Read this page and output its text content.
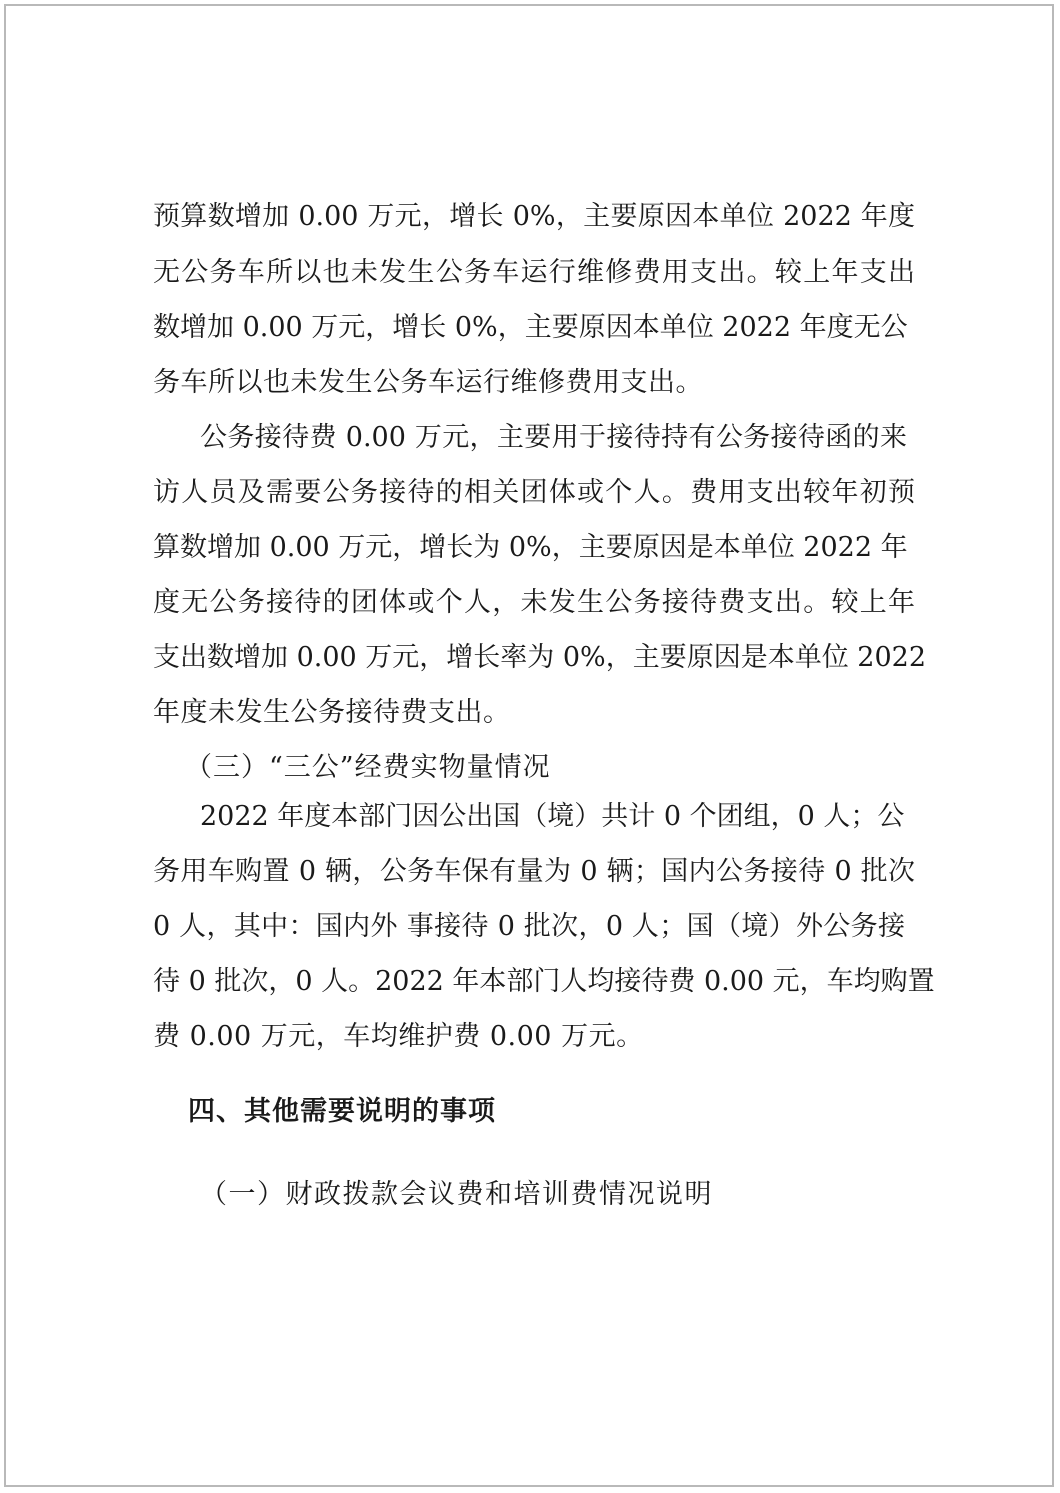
预算数增加 0.00 万元，增长 0%，主要原因本单位 2022 年度
无公务车所以也未发生公务车运行维修费用支出。较上年支出
数增加 0.00 万元，增长 0%，主要原因本单位 2022 年度无公
务车所以也未发生公务车运行维修费用支出。
公务接待费 0.00 万元，主要用于接待持有公务接待函的来
访人员及需要公务接待的相关团体或个人。费用支出较年初预
算数增加 0.00 万元，增长为 0%，主要原因是本单位 2022 年
度无公务接待的团体或个人，未发生公务接待费支出。较上年
支出数增加 0.00 万元，增长率为 0%，主要原因是本单位 2022
年度未发生公务接待费支出。
（三）“三公”经费实物量情况
2022 年度本部门因公出国（境）共计 0 个团组，0 人；公
务用车购置 0 辆，公务车保有量为 0 辆；国内公务接待 0 批次
0 人，其中：国内外 事接待 0 批次，0 人；国（境）外公务接
待 0 批次，0 人。2022 年本部门人均接待费 0.00 元，车均购置
费 0.00 万元，车均维护费 0.00 万元。
四、其他需要说明的事项
（一）财政拨款会议费和培训费情况说明
